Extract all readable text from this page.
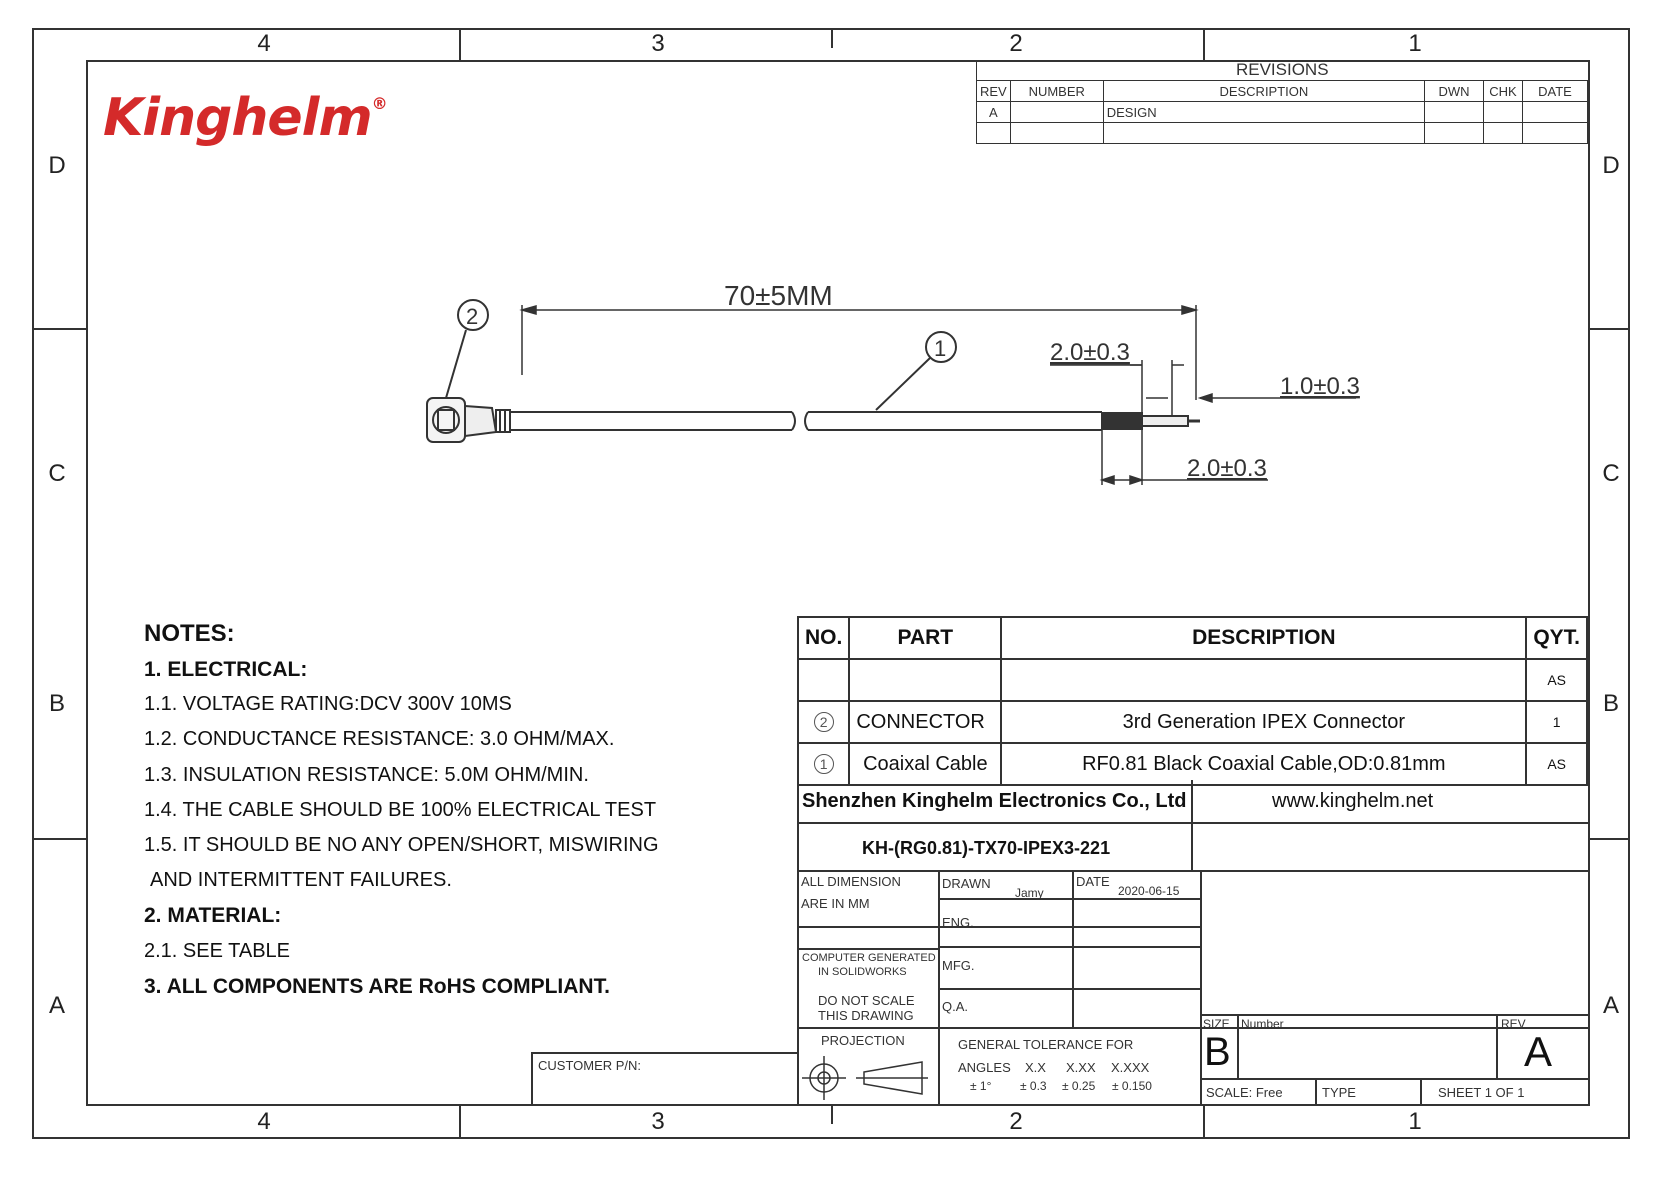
4	3	2	1
4	3	2	1
D
C
B
A
D
C
B
A
Kinghelm®
REVISIONS					
REV	NUMBER	DESCRIPTION	DWN	CHK	DATE
A		DESIGN			

70±5MM
2
1	2.0±0.3
1.0±0.3
2.0±0.3
NOTES:
1. ELECTRICAL:
1.1. VOLTAGE RATING:DCV 300V 10MS
1.2. CONDUCTANCE RESISTANCE: 3.0 OHM/MAX.
1.3. INSULATION RESISTANCE: 5.0M OHM/MIN.
1.4. THE CABLE SHOULD BE 100% ELECTRICAL TEST
1.5. IT SHOULD BE NO ANY OPEN/SHORT, MISWIRING
AND INTERMITTENT FAILURES.
2. MATERIAL:
2.1. SEE TABLE
3. ALL COMPONENTS ARE RoHS COMPLIANT.
NO.	PART	DESCRIPTION	QYT.
			AS
2	CONNECTOR	3rd Generation IPEX Connector	1
1	Coaixal Cable	RF0.81 Black Coaxial Cable,OD:0.81mm	AS
Shenzhen Kinghelm Electronics Co., Ltd	www.kinghelm.net
KH-(RG0.81)-TX70-IPEX3-221
ALL DIMENSION
ARE IN MM
COMPUTER GENERATED
IN SOLIDWORKS
DO NOT SCALE
THIS DRAWING
PROJECTION
DRAWN
Jamy
DATE
2020-06-15
ENG.
MFG.
Q.A.
GENERAL TOLERANCE FOR
ANGLES X.X X.XX X.XXX
± 1° ± 0.3 ± 0.25 ± 0.150
CUSTOMER P/N:
SIZE
B
Number	REV
A
SCALE: Free	TYPE	SHEET 1 OF 1
